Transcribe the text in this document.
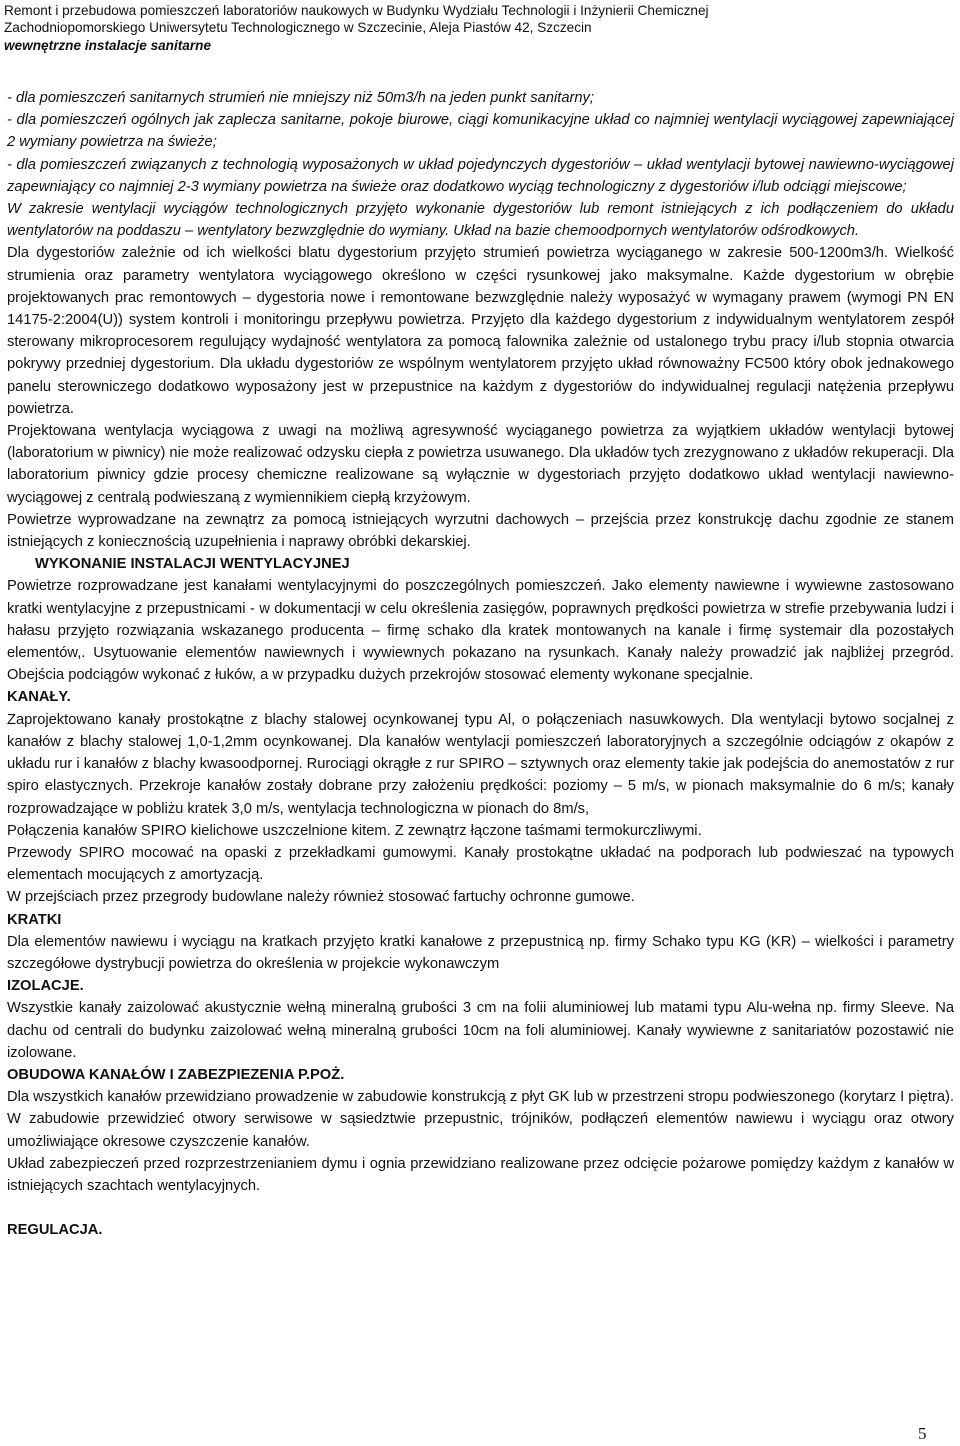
Remont i przebudowa pomieszczeń laboratoriów naukowych w Budynku Wydziału Technologii i Inżynierii Chemicznej

Zachodniopomorskiego Uniwersytetu Technologicznego w Szczecinie, Aleja Piastów 42, Szczecin

wewnętrzne instalacje sanitarne

- dla pomieszczeń sanitarnych strumień nie mniejszy niż 50m3/h na jeden punkt sanitarny;

- dla pomieszczeń ogólnych jak zaplecza sanitarne, pokoje biurowe, ciągi komunikacyjne układ co najmniej wentylacji wyciągowej zapewniającej 2 wymiany powietrza na świeże;

- dla pomieszczeń związanych z technologią wyposażonych w układ pojedynczych dygestoriów – układ wentylacji bytowej nawiewno-wyciągowej zapewniający co najmniej 2-3 wymiany powietrza na świeże oraz dodatkowo wyciąg technologiczny z dygestoriów i/lub odciągi miejscowe;

W zakresie wentylacji wyciągów technologicznych przyjęto wykonanie dygestoriów lub remont istniejących z ich podłączeniem do układu wentylatorów na poddaszu – wentylatory bezwzględnie do wymiany. Układ na bazie chemoodpornych wentylatorów odśrodkowych.

Dla dygestoriów zależnie od ich wielkości blatu dygestorium przyjęto strumień powietrza wyciąganego w zakresie 500-1200m3/h. Wielkość strumienia oraz parametry wentylatora wyciągowego określono w części rysunkowej jako maksymalne. Każde dygestorium w obrębie projektowanych prac remontowych – dygestoria nowe i remontowane bezwzględnie należy wyposażyć w wymagany prawem (wymogi PN EN 14175-2:2004(U)) system kontroli i monitoringu przepływu powietrza. Przyjęto dla każdego dygestorium z indywidualnym wentylatorem zespół sterowany mikroprocesorem regulujący wydajność wentylatora za pomocą falownika zależnie od ustalonego trybu pracy i/lub stopnia otwarcia pokrywy przedniej dygestorium. Dla układu dygestoriów ze wspólnym wentylatorem przyjęto układ równoważny FC500 który obok jednakowego panelu sterowniczego dodatkowo wyposażony jest w przepustnice na każdym z dygestoriów do indywidualnej regulacji natężenia przepływu powietrza.

Projektowana wentylacja wyciągowa z uwagi na możliwą agresywność wyciąganego powietrza za wyjątkiem układów wentylacji bytowej (laboratorium w piwnicy) nie może realizować odzysku ciepła z powietrza usuwanego. Dla układów tych zrezygnowano z układów rekuperacji. Dla laboratorium piwnicy gdzie procesy chemiczne realizowane są wyłącznie w dygestoriach przyjęto dodatkowo układ wentylacji nawiewno-wyciągowej z centralą podwieszaną z wymiennikiem ciepłą krzyżowym.

Powietrze wyprowadzane na zewnątrz za pomocą istniejących wyrzutni dachowych – przejścia przez konstrukcję dachu zgodnie ze stanem istniejących z koniecznością uzupełnienia i naprawy obróbki dekarskiej.

WYKONANIE INSTALACJI WENTYLACYJNEJ

Powietrze rozprowadzane jest kanałami wentylacyjnymi do poszczególnych pomieszczeń. Jako elementy nawiewne i wywiewne zastosowano kratki wentylacyjne z przepustnicami - w dokumentacji w celu określenia zasięgów, poprawnych prędkości powietrza w strefie przebywania ludzi i hałasu przyjęto rozwiązania wskazanego producenta – firmę schako dla kratek montowanych na kanale i firmę systemair dla pozostałych elementów,. Usytuowanie elementów nawiewnych i wywiewnych pokazano na rysunkach. Kanały należy prowadzić jak najbliżej przegród. Obejścia podciągów wykonać z łuków, a w przypadku dużych przekrojów stosować elementy wykonane specjalnie.

KANAŁY.

Zaprojektowano kanały prostokątne z blachy stalowej ocynkowanej typu Al, o połączeniach nasuwkowych. Dla wentylacji bytowo socjalnej z kanałów z blachy stalowej 1,0-1,2mm ocynkowanej. Dla kanałów wentylacji pomieszczeń laboratoryjnych a szczególnie odciągów z okapów z układu rur i kanałów z blachy kwasoodpornej. Rurociągi okrągłe z rur SPIRO – sztywnych oraz elementy takie jak podejścia do anemostatów z rur spiro elastycznych. Przekroje kanałów zostały dobrane przy założeniu prędkości: poziomy – 5 m/s, w pionach maksymalnie do 6 m/s; kanały rozprowadzające w pobliżu kratek 3,0 m/s, wentylacja technologiczna w pionach do 8m/s,

Połączenia kanałów SPIRO kielichowe uszczelnione kitem. Z zewnątrz łączone taśmami termokurczliwymi.

Przewody SPIRO mocować na opaski z przekładkami gumowymi. Kanały prostokątne układać na podporach lub podwieszać na typowych elementach mocujących z amortyzacją.

W przejściach przez przegrody budowlane należy również stosować fartuchy ochronne gumowe.

KRATKI

Dla elementów nawiewu i wyciągu na kratkach przyjęto kratki kanałowe z przepustnicą np. firmy Schako typu KG (KR) – wielkości i parametry szczegółowe dystrybucji powietrza do określenia w projekcie wykonawczym

IZOLACJE.

Wszystkie kanały zaizolować akustycznie wełną mineralną grubości 3 cm na folii aluminiowej lub matami typu Alu-wełna np. firmy Sleeve. Na dachu od centrali do budynku zaizolować wełną mineralną grubości 10cm na foli aluminiowej. Kanały wywiewne z sanitariatów pozostawić nie izolowane.

OBUDOWA KANAŁÓW I ZABEZPIEZENIA P.POŻ.

Dla wszystkich kanałów przewidziano prowadzenie w zabudowie konstrukcją z płyt GK lub w przestrzeni stropu podwieszonego (korytarz I piętra). W zabudowie przewidzieć otwory serwisowe w sąsiedztwie przepustnic, trójników, podłączeń elementów nawiewu i wyciągu oraz otwory umożliwiające okresowe czyszczenie kanałów.

Układ zabezpieczeń przed rozprzestrzenianiem dymu i ognia przewidziano realizowane przez odcięcie pożarowe pomiędzy każdym z kanałów w istniejących szachtach wentylacyjnych.

REGULACJA.

5
